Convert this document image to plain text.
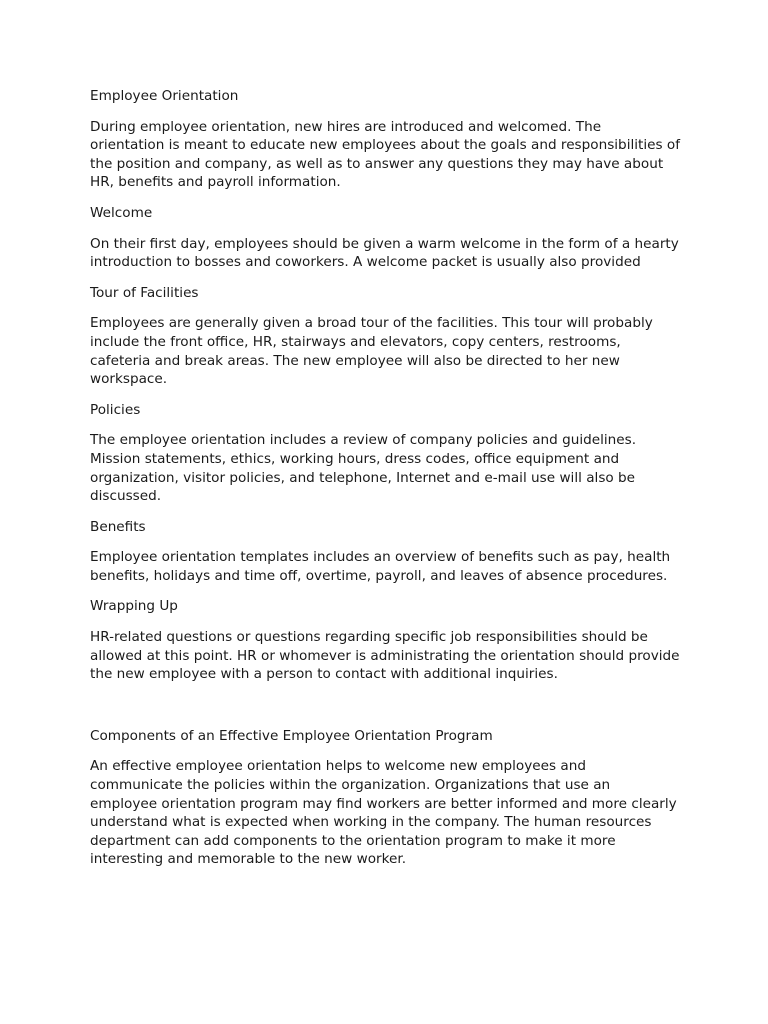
Employee Orientation

During employee orientation, new hires are introduced and welcomed. The
orientation is meant to educate new employees about the goals and responsibilities of
the position and company, as well as to answer any questions they may have about
HR, benefits and payroll information.

Welcome

On their first day, employees should be given a warm welcome in the form of a hearty
introduction to bosses and coworkers. A welcome packet is usually also provided

Tour of Facilities

Employees are generally given a broad tour of the facilities. This tour will probably
include the front office, HR, stairways and elevators, copy centers, restrooms,
cafeteria and break areas. The new employee will also be directed to her new
workspace.

Policies

The employee orientation includes a review of company policies and guidelines.
Mission statements, ethics, working hours, dress codes, office equipment and
organization, visitor policies, and telephone, Internet and e-mail use will also be
discussed.

Benefits

Employee orientation templates includes an overview of benefits such as pay, health
benefits, holidays and time off, overtime, payroll, and leaves of absence procedures.

Wrapping Up

HR-related questions or questions regarding specific job responsibilities should be
allowed at this point. HR or whomever is administrating the orientation should provide
the new employee with a person to contact with additional inquiries.

Components of an Effective Employee Orientation Program

An effective employee orientation helps to welcome new employees and
communicate the policies within the organization. Organizations that use an
employee orientation program may find workers are better informed and more clearly
understand what is expected when working in the company. The human resources
department can add components to the orientation program to make it more
interesting and memorable to the new worker.
